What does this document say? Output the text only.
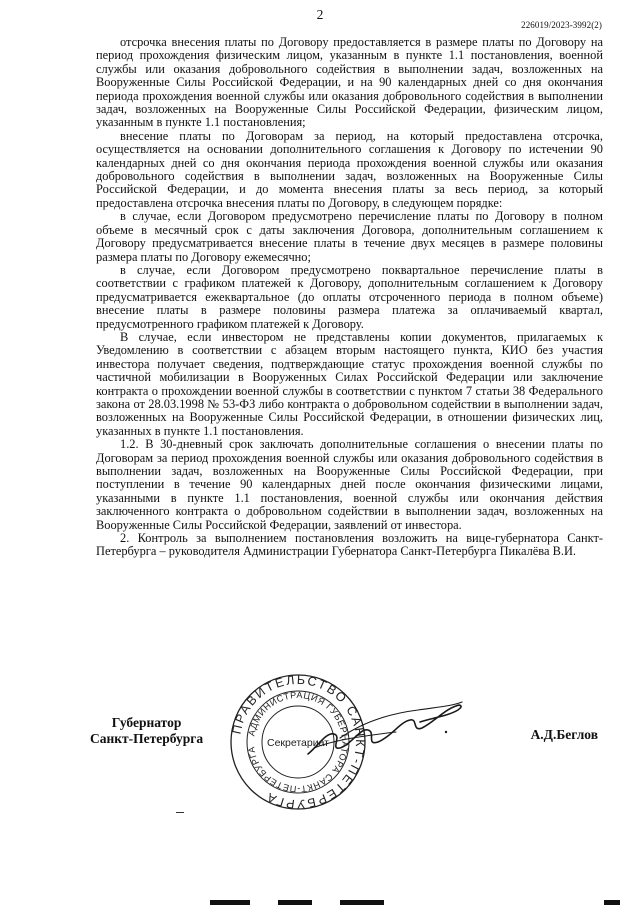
2
226019/2023-3992(2)

отсрочка внесения платы по Договору предоставляется в размере платы по Договору на период прохождения физическим лицом, указанным в пункте 1.1 постановления, военной службы или оказания добровольного содействия в выполнении задач, возложенных на Вооруженные Силы Российской Федерации, и на 90 календарных дней со дня окончания периода прохождения военной службы или оказания добровольного содействия в выполнении задач, возложенных на Вооруженные Силы Российской Федерации, физическим лицом, указанным в пункте 1.1 постановления;

внесение платы по Договорам за период, на который предоставлена отсрочка, осуществляется на основании дополнительного соглашения к Договору по истечении 90 календарных дней со дня окончания периода прохождения военной службы или оказания добровольного содействия в выполнении задач, возложенных на Вооруженные Силы Российской Федерации, и до момента внесения платы за весь период, за который предоставлена отсрочка внесения платы по Договору, в следующем порядке:

в случае, если Договором предусмотрено перечисление платы по Договору в полном объеме в месячный срок с даты заключения Договора, дополнительным соглашением к Договору предусматривается внесение платы в течение двух месяцев в размере половины размера платы по Договору ежемесячно;

в случае, если Договором предусмотрено поквартальное перечисление платы в соответствии с графиком платежей к Договору, дополнительным соглашением к Договору предусматривается ежеквартальное (до оплаты отсроченного периода в полном объеме) внесение платы в размере половины размера платежа за оплачиваемый квартал, предусмотренного графиком платежей к Договору.

В случае, если инвестором не представлены копии документов, прилагаемых к Уведомлению в соответствии с абзацем вторым настоящего пункта, КИО без участия инвестора получает сведения, подтверждающие статус прохождения военной службы по частичной мобилизации в Вооруженных Силах Российской Федерации или заключение контракта о прохождении военной службы в соответствии с пунктом 7 статьи 38 Федерального закона от 28.03.1998 № 53-ФЗ либо контракта о добровольном содействии в выполнении задач, возложенных на Вооруженные Силы Российской Федерации, в отношении физических лиц, указанных в пункте 1.1 постановления.

1.2. В 30-дневный срок заключать дополнительные соглашения о внесении платы по Договорам за период прохождения военной службы или оказания добровольного содействия в выполнении задач, возложенных на Вооруженные Силы Российской Федерации, при поступлении в течение 90 календарных дней после окончания физическими лицами, указанными в пункте 1.1 постановления, военной службы или окончания действия заключенного контракта о добровольном содействии в выполнении задач, возложенных на Вооруженные Силы Российской Федерации, заявлений от инвестора.

2. Контроль за выполнением постановления возложить на вице-губернатора Санкт-Петербурга – руководителя Администрации Губернатора Санкт-Петербурга Пикалёва В.И.

Губернатор
Санкт-Петербурга
ПРАВИТЕЛЬСТВО САНКТ-ПЕТЕРБУРГА
АДМИНИСТРАЦИЯ ГУБЕРНАТОРА САНКТ-ПЕТЕРБУРГА
Секретариат
А.Д.Беглов
